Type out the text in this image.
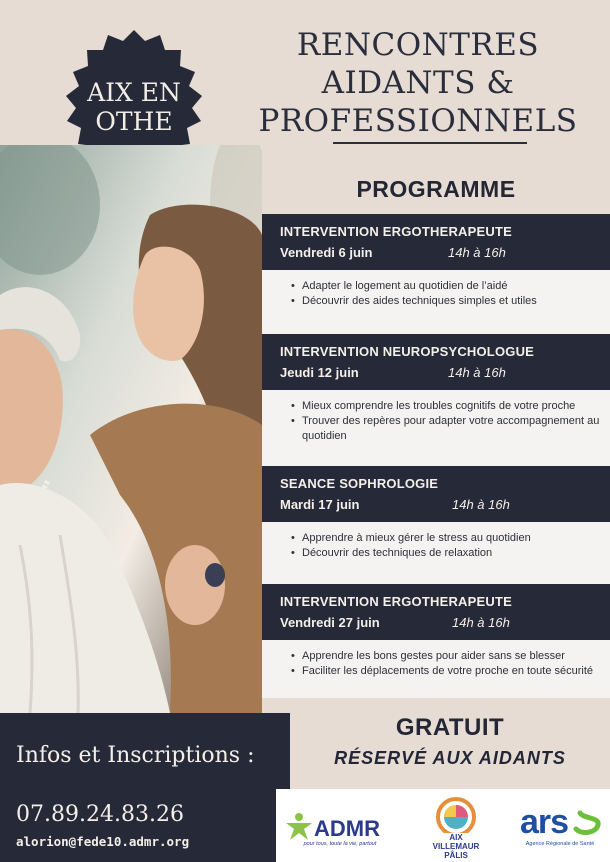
AIX EN
OTHE
RENCONTRES
AIDANTS &
PROFESSIONNELS
PROGRAMME
INTERVENTION ERGOTHERAPEUTE
Vendredi 6 juin	14h à 16h
• Adapter le logement au quotidien de l’aidé
• Découvrir des aides techniques simples et utiles
INTERVENTION NEUROPSYCHOLOGUE
Jeudi 12 juin	14h à 16h
• Mieux comprendre les troubles cognitifs de votre proche
• Trouver des repères pour adapter votre accompagnement au quotidien
SEANCE SOPHROLOGIE
Mardi 17 juin	14h à 16h
• Apprendre à mieux gérer le stress au quotidien
• Découvrir des techniques de relaxation
INTERVENTION ERGOTHERAPEUTE
Vendredi 27 juin	14h à 16h
• Apprendre les bons gestes pour aider sans se blesser
• Faciliter les déplacements de votre proche en toute sécurité
Infos et Inscriptions :
07.89.24.83.26
alorion@fede10.admr.org
GRATUIT
RÉSERVÉ AUX AIDANTS
ADMR
pour tous, toute la vie, partout
AIX
VILLEMAUR
PÂLIS
ars
Agence Régionale de Santé
